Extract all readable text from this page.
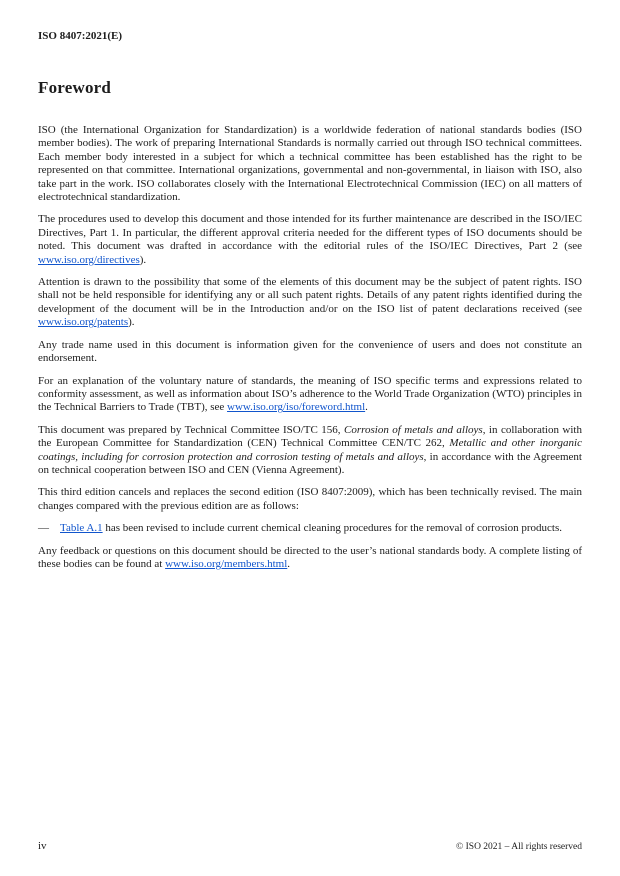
ISO 8407:2021(E)
Foreword

ISO (the International Organization for Standardization) is a worldwide federation of national standards bodies (ISO member bodies). The work of preparing International Standards is normally carried out through ISO technical committees. Each member body interested in a subject for which a technical committee has been established has the right to be represented on that committee. International organizations, governmental and non-governmental, in liaison with ISO, also take part in the work. ISO collaborates closely with the International Electrotechnical Commission (IEC) on all matters of electrotechnical standardization.

The procedures used to develop this document and those intended for its further maintenance are described in the ISO/IEC Directives, Part 1. In particular, the different approval criteria needed for the different types of ISO documents should be noted. This document was drafted in accordance with the editorial rules of the ISO/IEC Directives, Part 2 (see www.iso.org/directives).

Attention is drawn to the possibility that some of the elements of this document may be the subject of patent rights. ISO shall not be held responsible for identifying any or all such patent rights. Details of any patent rights identified during the development of the document will be in the Introduction and/or on the ISO list of patent declarations received (see www.iso.org/patents).

Any trade name used in this document is information given for the convenience of users and does not constitute an endorsement.

For an explanation of the voluntary nature of standards, the meaning of ISO specific terms and expressions related to conformity assessment, as well as information about ISO’s adherence to the World Trade Organization (WTO) principles in the Technical Barriers to Trade (TBT), see www.iso.org/iso/foreword.html.

This document was prepared by Technical Committee ISO/TC 156, Corrosion of metals and alloys, in collaboration with the European Committee for Standardization (CEN) Technical Committee CEN/TC 262, Metallic and other inorganic coatings, including for corrosion protection and corrosion testing of metals and alloys, in accordance with the Agreement on technical cooperation between ISO and CEN (Vienna Agreement).

This third edition cancels and replaces the second edition (ISO 8407:2009), which has been technically revised. The main changes compared with the previous edition are as follows:

—	Table A.1 has been revised to include current chemical cleaning procedures for the removal of corrosion products.

Any feedback or questions on this document should be directed to the user’s national standards body. A complete listing of these bodies can be found at www.iso.org/members.html.

iv	© ISO 2021 – All rights reserved
